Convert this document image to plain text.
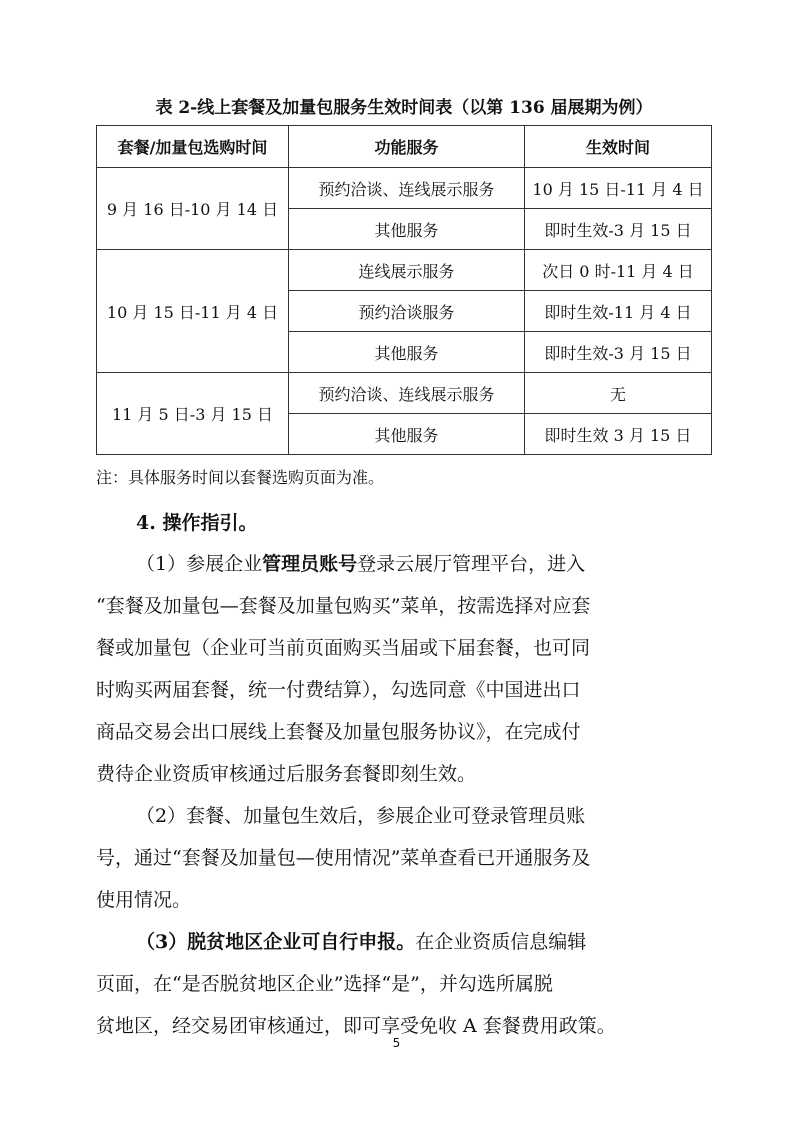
表 2-线上套餐及加量包服务生效时间表（以第 136 届展期为例）
套餐/加量包选购时间	功能服务	生效时间
9 月 16 日-10 月 14 日	预约洽谈、连线展示服务	10 月 15 日-11 月 4 日
	其他服务	即时生效-3 月 15 日
10 月 15 日-11 月 4 日	连线展示服务	次日 0 时-11 月 4 日
	预约洽谈服务	即时生效-11 月 4 日
	其他服务	即时生效-3 月 15 日
11 月 5 日-3 月 15 日	预约洽谈、连线展示服务	无
	其他服务	即时生效 3 月 15 日
注：具体服务时间以套餐选购页面为准。
4. 操作指引。
（1）参展企业管理员账号登录云展厅管理平台，进入
“套餐及加量包—套餐及加量包购买”菜单，按需选择对应套
餐或加量包（企业可当前页面购买当届或下届套餐，也可同
时购买两届套餐，统一付费结算），勾选同意《中国进出口
商品交易会出口展线上套餐及加量包服务协议》，在完成付
费待企业资质审核通过后服务套餐即刻生效。
（2）套餐、加量包生效后，参展企业可登录管理员账
号，通过“套餐及加量包—使用情况”菜单查看已开通服务及
使用情况。
（3）脱贫地区企业可自行申报。在企业资质信息编辑
页面，在“是否脱贫地区企业”选择“是”，并勾选所属脱
贫地区，经交易团审核通过，即可享受免收 A 套餐费用政策。
5
